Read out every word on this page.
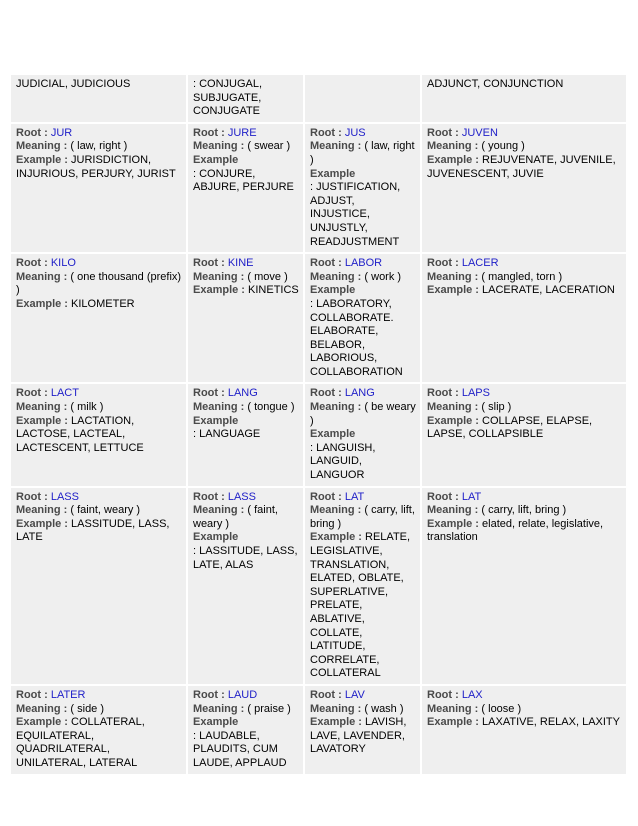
JUDICIAL, JUDICIOUS	: CONJUGAL, SUBJUGATE, CONJUGATE		ADJUNCT, CONJUNCTION
Root : JUR
Meaning : ( law, right )
Example : JURISDICTION, INJURIOUS, PERJURY, JURIST	Root : JURE
Meaning : ( swear )
Example
: CONJURE, ABJURE, PERJURE	Root : JUS
Meaning : ( law, right )
Example
: JUSTIFICATION, ADJUST, INJUSTICE, UNJUSTLY, READJUSTMENT	Root : JUVEN
Meaning : ( young )
Example : REJUVENATE, JUVENILE, JUVENESCENT, JUVIE
Root : KILO
Meaning : ( one thousand (prefix) )
Example : KILOMETER	Root : KINE
Meaning : ( move )
Example : KINETICS	Root : LABOR
Meaning : ( work )
Example
: LABORATORY, COLLABORATE. ELABORATE, BELABOR, LABORIOUS, COLLABORATION	Root : LACER
Meaning : ( mangled, torn )
Example : LACERATE, LACERATION
Root : LACT
Meaning : ( milk )
Example : LACTATION, LACTOSE, LACTEAL, LACTESCENT, LETTUCE	Root : LANG
Meaning : ( tongue )
Example
: LANGUAGE	Root : LANG
Meaning : ( be weary )
Example
: LANGUISH, LANGUID, LANGUOR	Root : LAPS
Meaning : ( slip )
Example : COLLAPSE, ELAPSE, LAPSE, COLLAPSIBLE
Root : LASS
Meaning : ( faint, weary )
Example : LASSITUDE, LASS, LATE	Root : LASS
Meaning : ( faint, weary )
Example
: LASSITUDE, LASS, LATE, ALAS	Root : LAT
Meaning : ( carry, lift, bring )
Example : RELATE, LEGISLATIVE, TRANSLATION, ELATED, OBLATE, SUPERLATIVE, PRELATE, ABLATIVE, COLLATE, LATITUDE, CORRELATE, COLLATERAL	Root : LAT
Meaning : ( carry, lift, bring )
Example : elated, relate, legislative, translation
Root : LATER
Meaning : ( side )
Example : COLLATERAL, EQUILATERAL, QUADRILATERAL, UNILATERAL, LATERAL	Root : LAUD
Meaning : ( praise )
Example
: LAUDABLE, PLAUDITS, CUM LAUDE, APPLAUD	Root : LAV
Meaning : ( wash )
Example : LAVISH, LAVE, LAVENDER, LAVATORY	Root : LAX
Meaning : ( loose )
Example : LAXATIVE, RELAX, LAXITY
